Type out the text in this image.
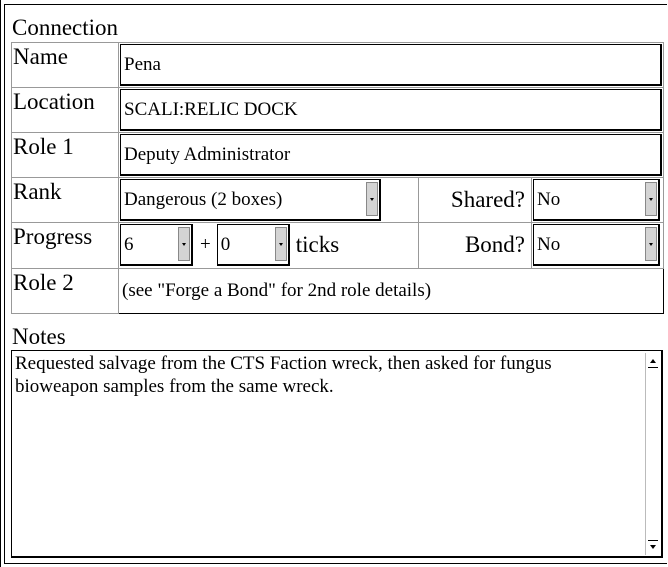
Connection
Name	Pena		

Location	SCALI:RELIC DOCK		

Role 1	Deputy Administrator		

Rank	Dangerous (2 boxes)	Shared?	No

Progress	6 + 0 ticks	Bond?	No

Role 2	(see "Forge a Bond" for 2nd role details)		
Notes
Requested salvage from the CTS Faction wreck, then asked for fungus bioweapon samples from the same wreck.
